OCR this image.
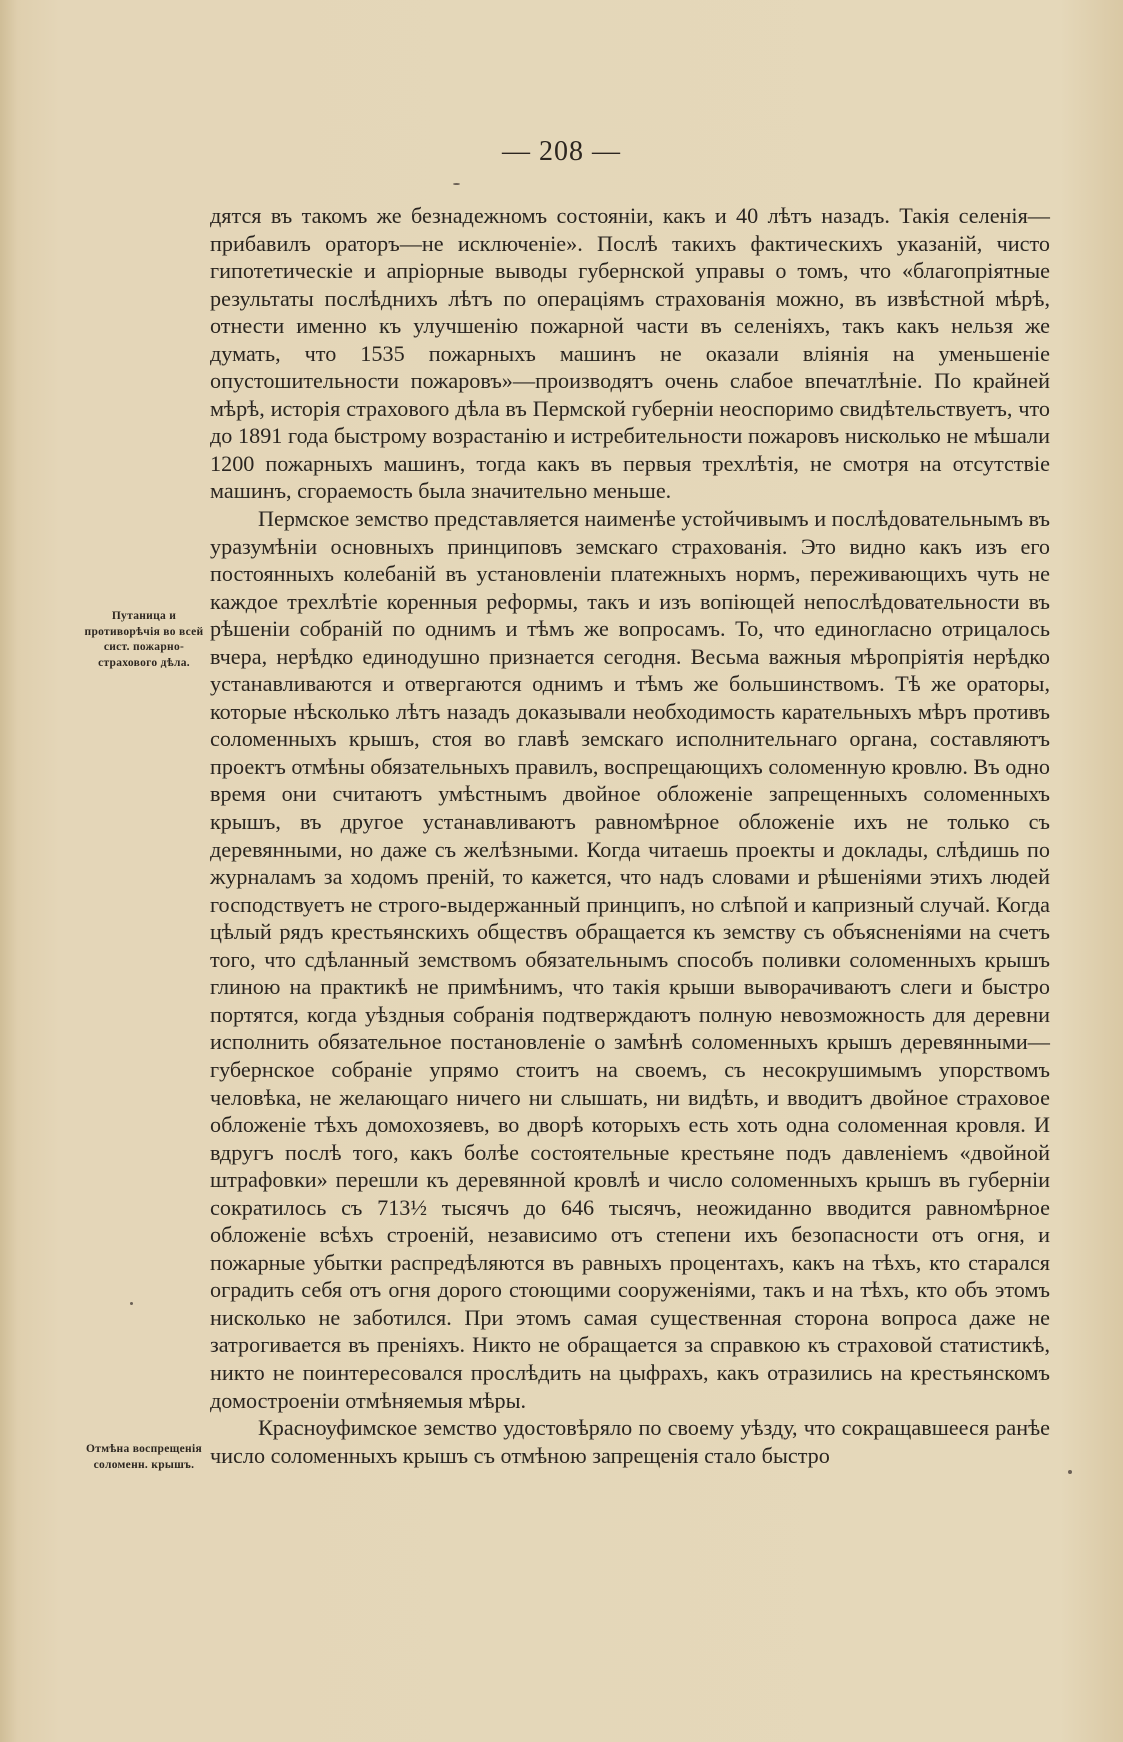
— 208 —

дятся въ такомъ же безнадежномъ состоянiи, какъ и 40 лѣтъ назадъ. Такiя селенiя—прибавилъ ораторъ—не исключенiе». Послѣ такихъ фактическихъ указанiй, чисто гипотетическiе и апрiорные выводы губернской управы о томъ, что «благопрiятные результаты послѣднихъ лѣтъ по операцiямъ страхованiя можно, въ извѣстной мѣрѣ, отнести именно къ улучшенiю пожарной части въ селенiяхъ, такъ какъ нельзя же думать, что 1535 пожарныхъ машинъ не оказали влiянiя на уменьшенiе опустошительности пожаровъ»—производятъ очень слабое впечатлѣнiе. По крайней мѣрѣ, исторiя страхового дѣла въ Пермской губернiи неоспоримо свидѣтельствуетъ, что до 1891 года быстрому возрастанiю и истребительности пожаровъ нисколько не мѣшали 1200 пожарныхъ машинъ, тогда какъ въ первыя трехлѣтiя, не смотря на отсутствiе машинъ, сгораемость была значительно меньше.

Пермское земство представляется наименѣе устойчивымъ и послѣдовательнымъ въ уразумѣнiи основныхъ принциповъ земскаго страхованiя. Это видно какъ изъ его постоянныхъ колебанiй въ установленiи платежныхъ нормъ, переживающихъ чуть не каждое трехлѣтiе коренныя реформы, такъ и изъ вопiющей непослѣдовательности въ рѣшенiи собранiй по однимъ и тѣмъ же вопросамъ. То, что единогласно отрицалось вчера, нерѣдко единодушно признается сегодня. Весьма важныя мѣропрiятiя нерѣдко устанавливаются и отвергаются однимъ и тѣмъ же большинствомъ. Тѣ же ораторы, которые нѣсколько лѣтъ назадъ доказывали необходимость карательныхъ мѣръ противъ соломенныхъ крышъ, стоя во главѣ земскаго исполнительнаго органа, составляютъ проектъ отмѣны обязательныхъ правилъ, воспрещающихъ соломенную кровлю. Въ одно время они считаютъ умѣстнымъ двойное обложенiе запрещенныхъ соломенныхъ крышъ, въ другое устанавливаютъ равномѣрное обложенiе ихъ не только съ деревянными, но даже съ желѣзными. Когда читаешь проекты и доклады, слѣдишь по журналамъ за ходомъ преній, то кажется, что надъ словами и рѣшенiями этихъ людей господствуетъ не строго-выдержанный принципъ, но слѣпой и капризный случай. Когда цѣлый рядъ крестьянскихъ обществъ обращается къ земству съ объясненiями на счетъ того, что сдѣланный земствомъ обязательнымъ способъ поливки соломенныхъ крышъ глиною на практикѣ не примѣнимъ, что такiя крыши выворачиваютъ слеги и быстро портятся, когда уѣздныя собранiя подтверждаютъ полную невозможность для деревни исполнить обязательное постановленiе о замѣнѣ соломенныхъ крышъ деревянными—губернское собранiе упрямо стоитъ на своемъ, съ несокрушимымъ упорствомъ человѣка, не желающаго ничего ни слышать, ни видѣть, и вводитъ двойное страховое обложенiе тѣхъ домохозяевъ, во дворѣ которыхъ есть хоть одна соломенная кровля. И вдругъ послѣ того, какъ болѣе состоятельные крестьяне подъ давленiемъ «двойной штрафовки» перешли къ деревянной кровлѣ и число соломенныхъ крышъ въ губернiи сократилось съ 713½ тысячъ до 646 тысячъ, неожиданно вводится равномѣрное обложенiе всѣхъ строенiй, независимо отъ степени ихъ безопасности отъ огня, и пожарные убытки распредѣляются въ равныхъ процентахъ, какъ на тѣхъ, кто старался оградить себя отъ огня дорого стоющими сооруженiями, такъ и на тѣхъ, кто объ этомъ нисколько не заботился. При этомъ самая существенная сторона вопроса даже не затрогивается въ пренiяхъ. Никто не обращается за справкою къ страховой статистикѣ, никто не поинтересовался прослѣдить на цыфрахъ, какъ отразились на крестьянскомъ домостроенiи отмѣняемыя мѣры.

Красноуфимское земство удостовѣряло по своему уѣзду, что сокращавшееся ранѣе число соломенныхъ крышъ съ отмѣною запрещенiя стало быстро

Путаница и противорѣчiя во всей сист. пожарно-страхового дѣла.
Отмѣна воспрещенiя соломенн. крышъ.
